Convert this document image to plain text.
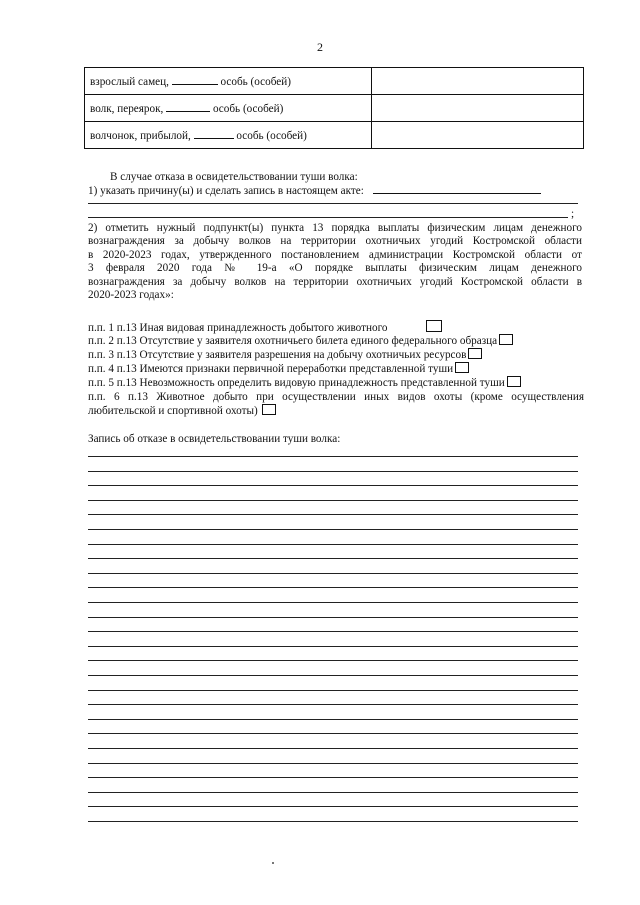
2
взрослый самец, особь (особей)	
волк, переярок, особь (особей)	
волчонок, прибылой, особь (особей)	
В случае отказа в освидетельствовании туши волка:
1) указать причину(ы) и сделать запись в настоящем акте:
;
2) отметить нужный подпункт(ы) пункта 13 порядка выплаты физическим лицам денежного
вознаграждения за добычу волков на территории охотничьих угодий Костромской области
в 2020-2023 годах, утвержденного постановлением администрации Костромской области от
3 февраля 2020 года № 19-а «О порядке выплаты физическим лицам денежного
вознаграждения за добычу волков на территории охотничьих угодий Костромской области в
2020-2023 годах»:
п.п. 1 п.13 Иная видовая принадлежность добытого животного
п.п. 2 п.13 Отсутствие у заявителя охотничьего билета единого федерального образца
п.п. 3 п.13 Отсутствие у заявителя разрешения на добычу охотничьих ресурсов
п.п. 4 п.13 Имеются признаки первичной переработки представленной туши
п.п. 5 п.13 Невозможность определить видовую принадлежность представленной туши
п.п. 6 п.13 Животное добыто при осуществлении иных видов охоты (кроме осуществления
любительской и спортивной охоты)
Запись об отказе в освидетельствовании туши волка:
